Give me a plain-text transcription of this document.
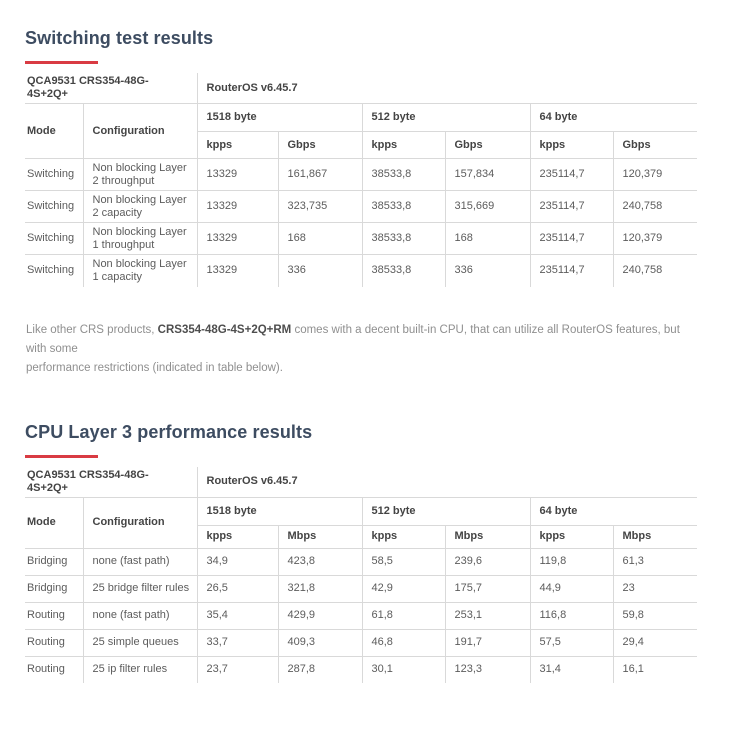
Switching test results
QCA9531 CRS354-48G-4S+2Q+		RouterOS v6.45.7					
Mode	Configuration	1518 byte		512 byte		64 byte	
		kpps	Gbps	kpps	Gbps	kpps	Gbps
Switching	Non blocking Layer 2 throughput	13329	161,867	38533,8	157,834	235114,7	120,379
Switching	Non blocking Layer 2 capacity	13329	323,735	38533,8	315,669	235114,7	240,758
Switching	Non blocking Layer 1 throughput	13329	168	38533,8	168	235114,7	120,379
Switching	Non blocking Layer 1 capacity	13329	336	38533,8	336	235114,7	240,758

Like other CRS products, CRS354-48G-4S+2Q+RM comes with a decent built-in CPU, that can utilize all RouterOS features, but with some
performance restrictions (indicated in table below).

CPU Layer 3 performance results
QCA9531 CRS354-48G-4S+2Q+		RouterOS v6.45.7					
Mode	Configuration	1518 byte		512 byte		64 byte	
		kpps	Mbps	kpps	Mbps	kpps	Mbps
Bridging	none (fast path)	34,9	423,8	58,5	239,6	119,8	61,3
Bridging	25 bridge filter rules	26,5	321,8	42,9	175,7	44,9	23
Routing	none (fast path)	35,4	429,9	61,8	253,1	116,8	59,8
Routing	25 simple queues	33,7	409,3	46,8	191,7	57,5	29,4
Routing	25 ip filter rules	23,7	287,8	30,1	123,3	31,4	16,1
